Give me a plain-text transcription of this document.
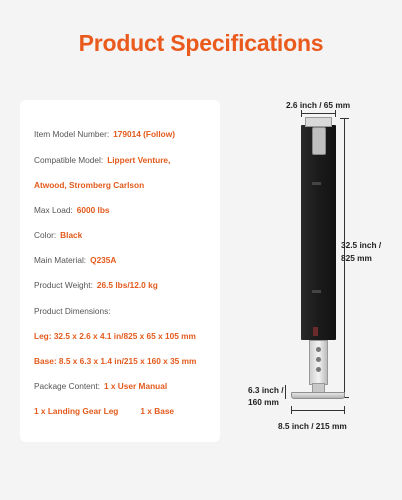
Product Specifications
Item Model Number: 179014 (Follow)
Compatible Model: Lippert Venture,
Atwood, Stromberg Carlson
Max Load: 6000 lbs
Color: Black
Main Material: Q235A
Product Weight: 26.5 lbs/12.0 kg
Product Dimensions:
Leg: 32.5 x 2.6 x 4.1 in/825 x 65 x 105 mm
Base: 8.5 x 6.3 x 1.4 in/215 x 160 x 35 mm
Package Content: 1 x User Manual
1 x Landing Gear Leg	1 x Base
2.6 inch / 65 mm
32.5 inch /
825 mm
6.3 inch /
160 mm
8.5 inch / 215 mm
